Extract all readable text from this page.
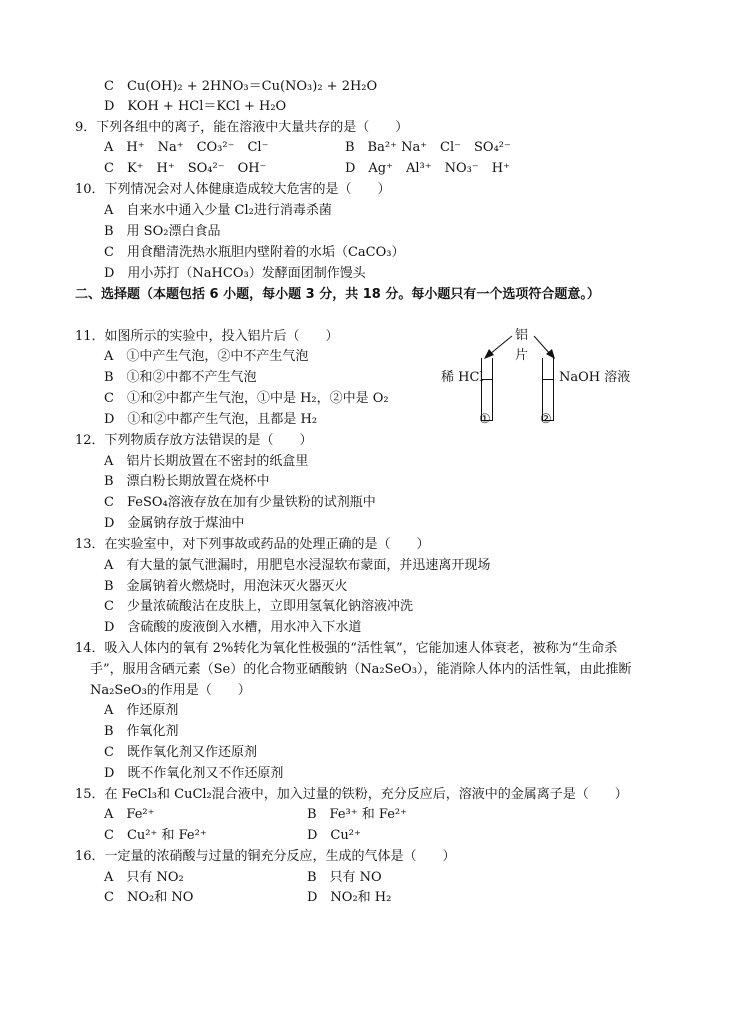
C　Cu(OH)₂ + 2HNO₃＝Cu(NO₃)₂ + 2H₂O
D　KOH + HCl＝KCl + H₂O
9．下列各组中的离子，能在溶液中大量共存的是（　　）
A　H⁺　Na⁺　CO₃²⁻　Cl⁻	B　Ba²⁺ Na⁺　Cl⁻　SO₄²⁻
C　K⁺　H⁺　SO₄²⁻　OH⁻	D　Ag⁺　Al³⁺　NO₃⁻　H⁺
10．下列情况会对人体健康造成较大危害的是（　　）
A　自来水中通入少量 Cl₂进行消毒杀菌
B　用 SO₂漂白食品
C　用食醋清洗热水瓶胆内壁附着的水垢（CaCO₃）
D　用小苏打（NaHCO₃）发酵面团制作馒头
二、选择题（本题包括 6 小题，每小题 3 分，共 18 分。每小题只有一个选项符合题意。）
11．如图所示的实验中，投入铝片后（　　）
A　①中产生气泡，②中不产生气泡
B　①和②中都不产生气泡
C　①和②中都产生气泡，①中是 H₂，②中是 O₂
D　①和②中都产生气泡，且都是 H₂
铝
片
稀 HCl	NaOH 溶液
①	②
12．下列物质存放方法错误的是（　　）
A　铝片长期放置在不密封的纸盒里
B　漂白粉长期放置在烧杯中
C　FeSO₄溶液存放在加有少量铁粉的试剂瓶中
D　金属钠存放于煤油中
13．在实验室中，对下列事故或药品的处理正确的是（　　）
A　有大量的氯气泄漏时，用肥皂水浸湿软布蒙面，并迅速离开现场
B　金属钠着火燃烧时，用泡沫灭火器灭火
C　少量浓硫酸沾在皮肤上，立即用氢氧化钠溶液冲洗
D　含硫酸的废液倒入水槽，用水冲入下水道
14．吸入人体内的氧有 2%转化为氧化性极强的“活性氧”，它能加速人体衰老，被称为“生命杀
手”，服用含硒元素（Se）的化合物亚硒酸钠（Na₂SeO₃），能消除人体内的活性氧，由此推断
Na₂SeO₃的作用是（　　）
A　作还原剂
B　作氧化剂
C　既作氧化剂又作还原剂
D　既不作氧化剂又不作还原剂
15．在 FeCl₃和 CuCl₂混合液中，加入过量的铁粉，充分反应后，溶液中的金属离子是（　　）
A　Fe²⁺	B　Fe³⁺ 和 Fe²⁺
C　Cu²⁺ 和 Fe²⁺	D　Cu²⁺
16．一定量的浓硝酸与过量的铜充分反应，生成的气体是（　　）
A　只有 NO₂	B　只有 NO
C　NO₂和 NO	D　NO₂和 H₂
